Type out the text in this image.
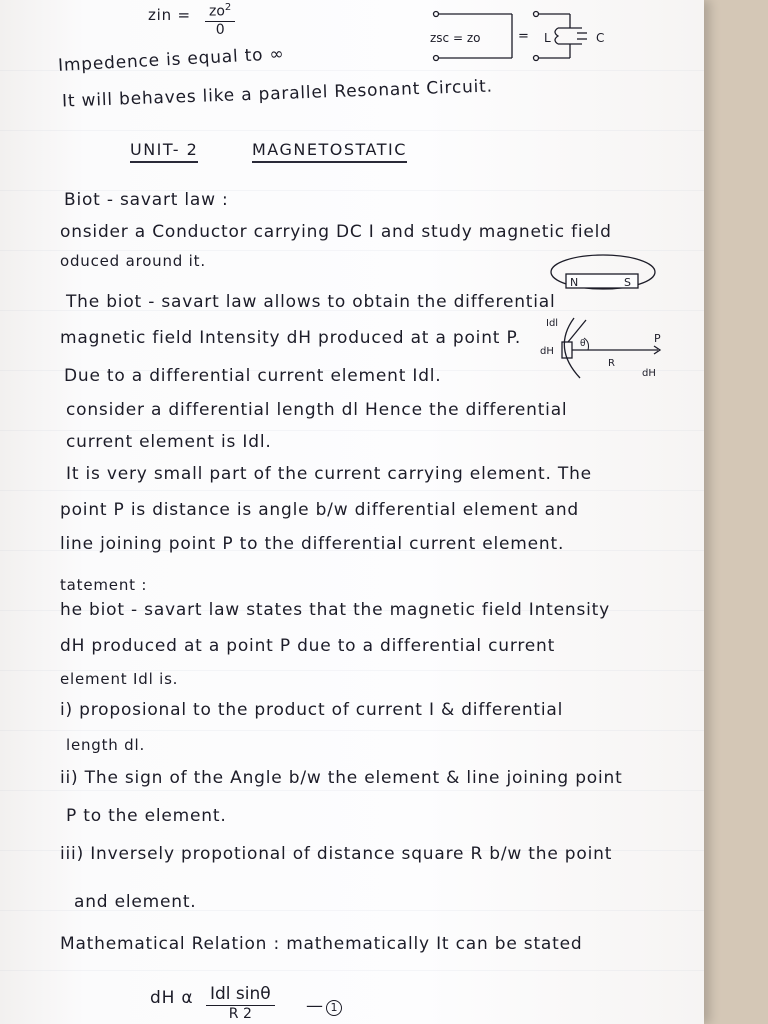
zin = $\frac{zo^2}{0}$
zsc = zo	= L	C
Impedence is equal to ∞
It will behaves like a parallel Resonant Circuit.
UNIT- 2	MAGNETOSTATIC
Biot - savart law :
onsider a Conductor carrying DC I and study magnetic field
oduced around it.
N	S
The biot - savart law allows to obtain the differential
magnetic field Intensity dH produced at a point P.
Idl
dH
θ
R
P
dH
Due to a differential current element Idl.
consider a differential length dl Hence the differential
current element is Idl.
It is very small part of the current carrying element. The
point P is distance is angle b/w differential element and
line joining point P to the differential current element.
tatement :
he biot - savart law states that the magnetic field Intensity
dH produced at a point P due to a differential current
element Idl is.
i) proposional to the product of current I & differential
length dl.
ii) The sign of the Angle b/w the element & line joining point
P to the element.
iii) Inversely propotional of distance square R b/w the point
and element.
Mathematical Relation : mathematically It can be stated
dH α Idl sinθ
R 2	— 1
